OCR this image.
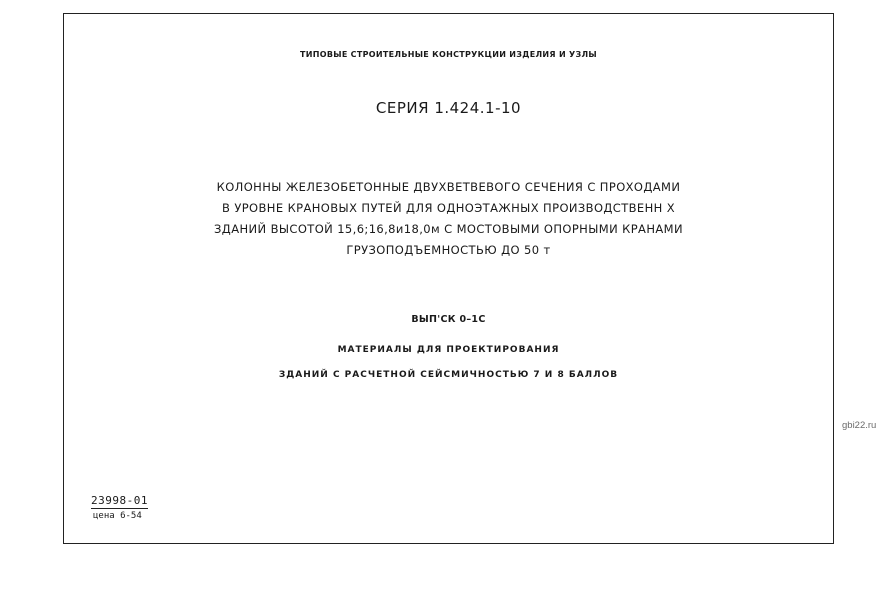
ТИПОВЫЕ СТРОИТЕЛЬНЫЕ КОНСТРУКЦИИ ИЗДЕЛИЯ И УЗЛЫ
СЕРИЯ 1.424.1-10
КОЛОННЫ ЖЕЛЕЗОБЕТОННЫЕ ДВУХВЕТВЕВОГО СЕЧЕНИЯ С ПРОХОДАМИ
В УРОВНЕ КРАНОВЫХ ПУТЕЙ ДЛЯ ОДНОЭТАЖНЫХ ПРОИЗВОДСТВЕНН Х
ЗДАНИЙ ВЫСОТОЙ 15,6;16,8и18,0м С МОСТОВЫМИ ОПОРНЫМИ КРАНАМИ
ГРУЗОПОДЪЕМНОСТЬЮ ДО 50 т
ВЫП'СК 0–1С
МАТЕРИАЛЫ ДЛЯ ПРОЕКТИРОВАНИЯ
ЗДАНИЙ С РАСЧЕТНОЙ СЕЙСМИЧНОСТЬЮ 7 И 8 БАЛЛОВ
23998-01
цена 6-54
gbi22.ru
